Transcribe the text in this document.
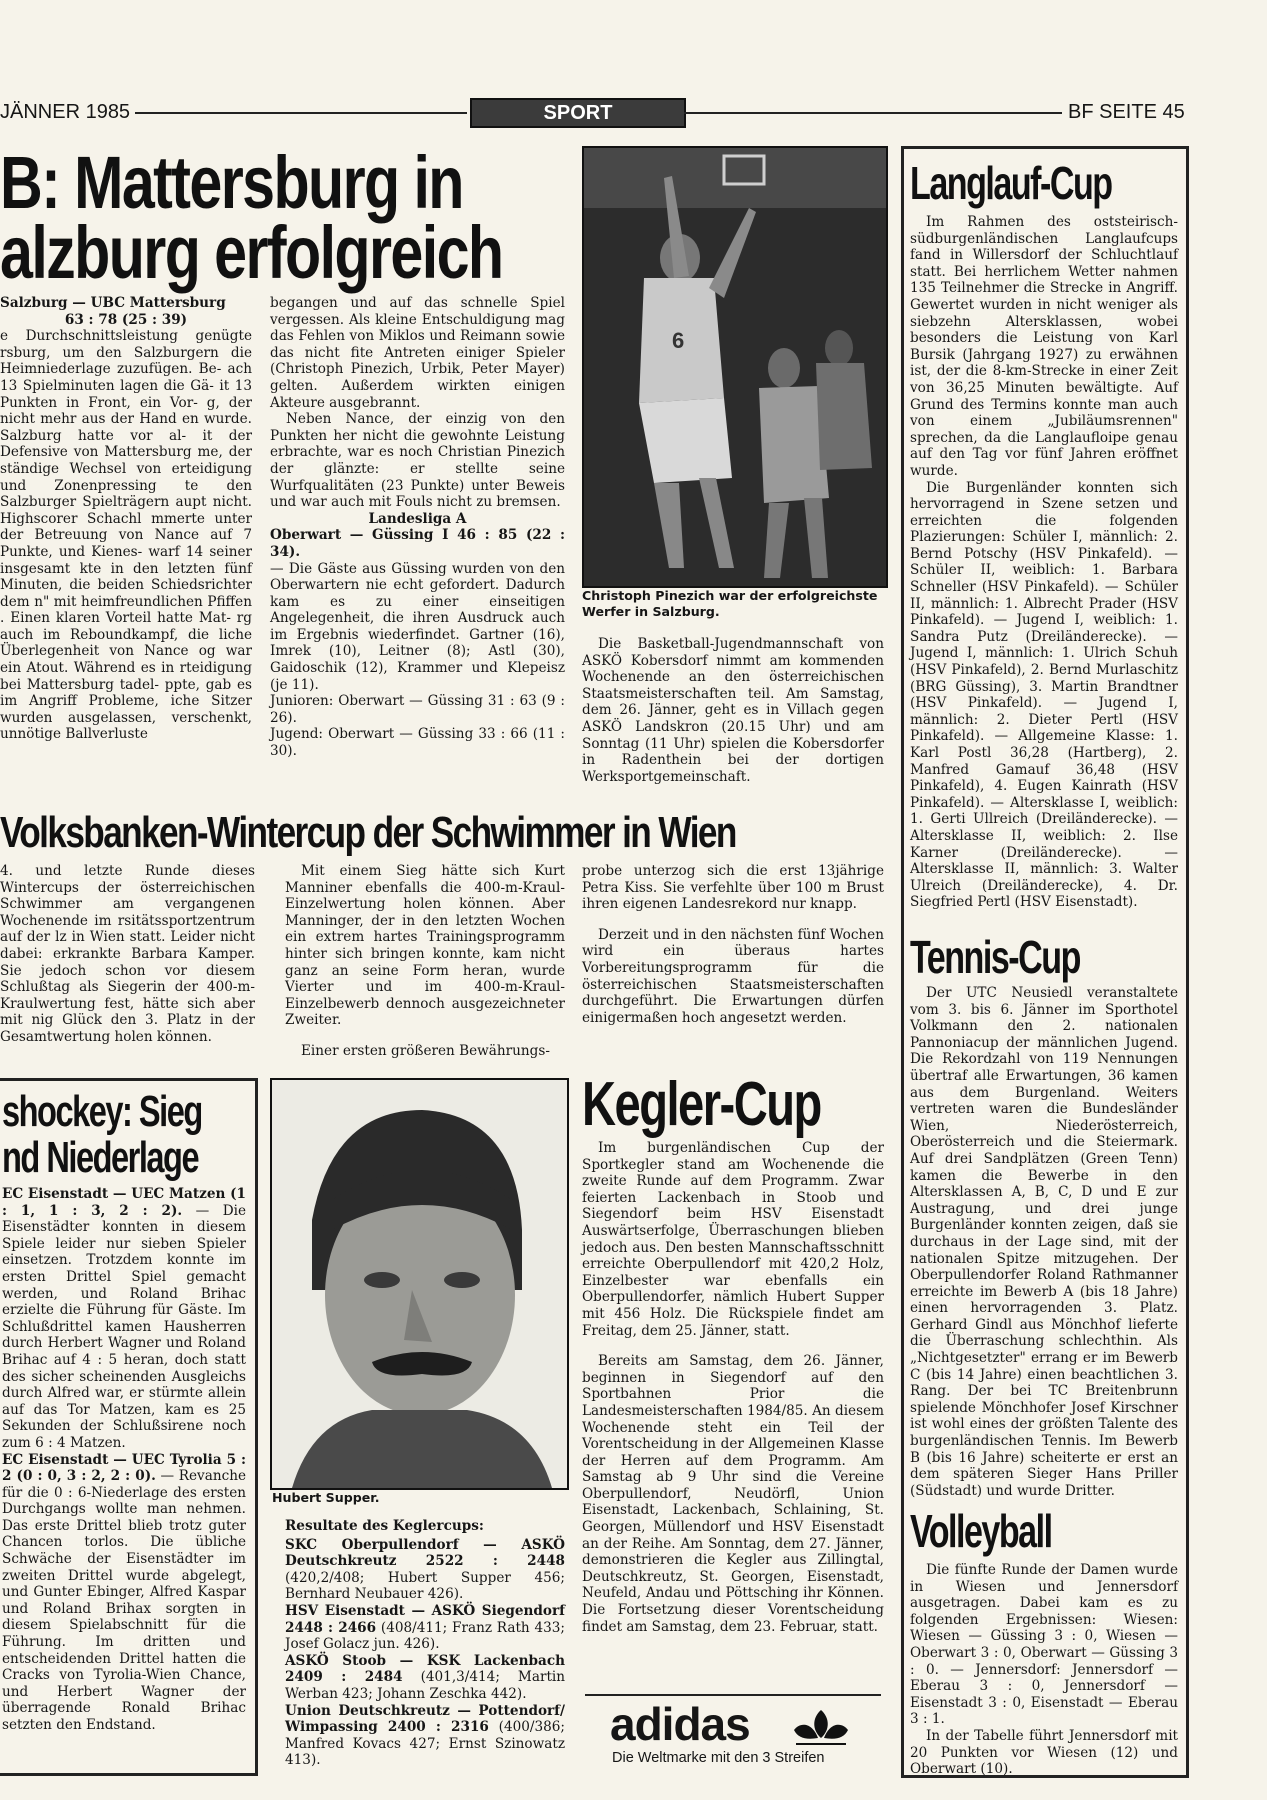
JÄNNER 1985	SPORT	BF SEITE 45
B: Mattersburg in
alzburg erfolgreich

Salzburg — UBC Mattersburg

63 : 78 (25 : 39)

e Durchschnittsleistung genügte rsburg, um den Salzburgern die Heimniederlage zuzufügen. Be- ach 13 Spielminuten lagen die Gä- it 13 Punkten in Front, ein Vor- g, der nicht mehr aus der Hand en wurde. Salzburg hatte vor al- it der Defensive von Mattersburg me, der ständige Wechsel von erteidigung und Zonenpressing te den Salzburger Spielträgern aupt nicht. Highscorer Schachl mmerte unter der Betreuung von Nance auf 7 Punkte, und Kienes- warf 14 seiner insgesamt kte in den letzten fünf Minuten, die beiden Schiedsrichter dem n" mit heimfreundlichen Pfiffen . Einen klaren Vorteil hatte Mat- rg auch im Reboundkampf, die liche Überlegenheit von Nance og war ein Atout. Während es in rteidigung bei Mattersburg tadel- ppte, gab es im Angriff Probleme, iche Sitzer wurden ausgelassen, verschenkt, unnötige Ballverluste

begangen und auf das schnelle Spiel vergessen. Als kleine Entschuldigung mag das Fehlen von Miklos und Reimann sowie das nicht fite Antreten einiger Spieler (Christoph Pinezich, Urbik, Peter Mayer) gelten. Außerdem wirkten einigen Akteure ausgebrannt.

Neben Nance, der einzig von den Punkten her nicht die gewohnte Leistung erbrachte, war es noch Christian Pinezich der glänzte: er stellte seine Wurfqualitäten (23 Punkte) unter Beweis und war auch mit Fouls nicht zu bremsen.

Landesliga A

Oberwart — Güssing I 46 : 85 (22 : 34).

— Die Gäste aus Güssing wurden von den Oberwartern nie echt gefordert. Dadurch kam es zu einer einseitigen Angelegenheit, die ihren Ausdruck auch im Ergebnis wiederfindet. Gartner (16), Imrek (10), Leitner (8); Astl (30), Gaidoschik (12), Krammer und Klepeisz (je 11).

Junioren: Oberwart — Güssing 31 : 63 (9 : 26).

Jugend: Oberwart — Güssing 33 : 66 (11 : 30).

6
Christoph Pinezich war der erfolgreichste Werfer in Salzburg.

Die Basketball-Jugendmannschaft von ASKÖ Kobersdorf nimmt am kommenden Wochenende an den österreichischen Staatsmeisterschaften teil. Am Samstag, dem 26. Jänner, geht es in Villach gegen ASKÖ Landskron (20.15 Uhr) und am Sonntag (11 Uhr) spielen die Kobersdorfer in Radenthein bei der dortigen Werksportgemeinschaft.

Langlauf-Cup

Im Rahmen des oststeirisch-südburgenländischen Langlaufcups fand in Willersdorf der Schluchtlauf statt. Bei herrlichem Wetter nahmen 135 Teilnehmer die Strecke in Angriff. Gewertet wurden in nicht weniger als siebzehn Altersklassen, wobei besonders die Leistung von Karl Bursik (Jahrgang 1927) zu erwähnen ist, der die 8-km-Strecke in einer Zeit von 36,25 Minuten bewältigte. Auf Grund des Termins konnte man auch von einem „Jubiläumsrennen" sprechen, da die Langlaufloipe genau auf den Tag vor fünf Jahren eröffnet wurde.

Die Burgenländer konnten sich hervorragend in Szene setzen und erreichten die folgenden Plazierungen: Schüler I, männlich: 2. Bernd Potschy (HSV Pinkafeld). — Schüler II, weiblich: 1. Barbara Schneller (HSV Pinkafeld). — Schüler II, männlich: 1. Albrecht Prader (HSV Pinkafeld). — Jugend I, weiblich: 1. Sandra Putz (Dreiländerecke). — Jugend I, männlich: 1. Ulrich Schuh (HSV Pinkafeld), 2. Bernd Murlaschitz (BRG Güssing), 3. Martin Brandtner (HSV Pinkafeld). — Jugend I, männlich: 2. Dieter Pertl (HSV Pinkafeld). — Allgemeine Klasse: 1. Karl Postl 36,28 (Hartberg), 2. Manfred Gamauf 36,48 (HSV Pinkafeld), 4. Eugen Kainrath (HSV Pinkafeld). — Altersklasse I, weiblich: 1. Gerti Ullreich (Dreiländerecke). — Altersklasse II, weiblich: 2. Ilse Karner (Dreiländerecke). — Altersklasse II, männlich: 3. Walter Ulreich (Dreiländerecke), 4. Dr. Siegfried Pertl (HSV Eisenstadt).

Tennis-Cup

Der UTC Neusiedl veranstaltete vom 3. bis 6. Jänner im Sporthotel Volkmann den 2. nationalen Pannoniacup der männlichen Jugend. Die Rekordzahl von 119 Nennungen übertraf alle Erwartungen, 36 kamen aus dem Burgenland. Weiters vertreten waren die Bundesländer Wien, Niederösterreich, Oberösterreich und die Steiermark. Auf drei Sandplätzen (Green Tenn) kamen die Bewerbe in den Altersklassen A, B, C, D und E zur Austragung, und drei junge Burgenländer konnten zeigen, daß sie durchaus in der Lage sind, mit der nationalen Spitze mitzugehen. Der Oberpullendorfer Roland Rathmanner erreichte im Bewerb A (bis 18 Jahre) einen hervorragenden 3. Platz. Gerhard Gindl aus Mönchhof lieferte die Überraschung schlechthin. Als „Nichtgesetzter" errang er im Bewerb C (bis 14 Jahre) einen beachtlichen 3. Rang. Der bei TC Breitenbrunn spielende Mönchhofer Josef Kirschner ist wohl eines der größten Talente des burgenländischen Tennis. Im Bewerb B (bis 16 Jahre) scheiterte er erst an dem späteren Sieger Hans Priller (Südstadt) und wurde Dritter.

Volleyball

Die fünfte Runde der Damen wurde in Wiesen und Jennersdorf ausgetragen. Dabei kam es zu folgenden Ergebnissen: Wiesen: Wiesen — Güssing 3 : 0, Wiesen — Oberwart 3 : 0, Oberwart — Güssing 3 : 0. — Jennersdorf: Jennersdorf — Eberau 3 : 0, Jennersdorf — Eisenstadt 3 : 0, Eisenstadt — Eberau 3 : 1.

In der Tabelle führt Jennersdorf mit 20 Punkten vor Wiesen (12) und Oberwart (10).

Volksbanken-Wintercup der Schwimmer in Wien

4. und letzte Runde dieses Wintercups der österreichischen Schwimmer am vergangenen Wochenende im rsitätssportzentrum auf der lz in Wien statt. Leider nicht dabei: erkrankte Barbara Kamper. Sie jedoch schon vor diesem Schlußtag als Siegerin der 400-m-Kraulwertung fest, hätte sich aber mit nig Glück den 3. Platz in der Gesamtwertung holen können.

Mit einem Sieg hätte sich Kurt Manniner ebenfalls die 400-m-Kraul-Einzelwertung holen können. Aber Manninger, der in den letzten Wochen ein extrem hartes Trainingsprogramm hinter sich bringen konnte, kam nicht ganz an seine Form heran, wurde Vierter und im 400-m-Kraul-Einzelbewerb dennoch ausgezeichneter Zweiter.

Einer ersten größeren Bewährungs-

probe unterzog sich die erst 13jährige Petra Kiss. Sie verfehlte über 100 m Brust ihren eigenen Landesrekord nur knapp.

Derzeit und in den nächsten fünf Wochen wird ein überaus hartes Vorbereitungsprogramm für die österreichischen Staatsmeisterschaften durchgeführt. Die Erwartungen dürfen einigermaßen hoch angesetzt werden.

shockey: Sieg
nd Niederlage

EC Eisenstadt — UEC Matzen (1 : 1, 1 : 3, 2 : 2). — Die Eisenstädter konnten in diesem Spiele leider nur sieben Spieler einsetzen. Trotzdem konnte im ersten Drittel Spiel gemacht werden, und Roland Brihac erzielte die Führung für Gäste. Im Schlußdrittel kamen Hausherren durch Herbert Wagner und Roland Brihac auf 4 : 5 heran, doch statt des sicher scheinenden Ausgleichs durch Alfred war, er stürmte allein auf das Tor Matzen, kam es 25 Sekunden der Schlußsirene noch zum 6 : 4 Matzen.

EC Eisenstadt — UEC Tyrolia 5 : 2 (0 : 0, 3 : 2, 2 : 0). — Revanche für die 0 : 6-Niederlage des ersten Durchgangs wollte man nehmen. Das erste Drittel blieb trotz guter Chancen torlos. Die übliche Schwäche der Eisenstädter im zweiten Drittel wurde abgelegt, und Gunter Ebinger, Alfred Kaspar und Roland Brihax sorgten in diesem Spielabschnitt für die Führung. Im dritten und entscheidenden Drittel hatten die Cracks von Tyrolia-Wien Chance, und Herbert Wagner der überragende Ronald Brihac setzten den Endstand.

Hubert Supper.

Resultate des Keglercups:

SKC Oberpullendorf — ASKÖ Deutschkreutz 2522 : 2448 (420,2/408; Hubert Supper 456; Bernhard Neubauer 426).

HSV Eisenstadt — ASKÖ Siegendorf 2448 : 2466 (408/411; Franz Rath 433; Josef Golacz jun. 426).

ASKÖ Stoob — KSK Lackenbach 2409 : 2484 (401,3/414; Martin Werban 423; Johann Zeschka 442).

Union Deutschkreutz — Pottendorf/ Wimpassing 2400 : 2316 (400/386; Manfred Kovacs 427; Ernst Szinowatz 413).

Kegler-Cup

Im burgenländischen Cup der Sportkegler stand am Wochenende die zweite Runde auf dem Programm. Zwar feierten Lackenbach in Stoob und Siegendorf beim HSV Eisenstadt Auswärtserfolge, Überraschungen blieben jedoch aus. Den besten Mannschaftsschnitt erreichte Oberpullendorf mit 420,2 Holz, Einzelbester war ebenfalls ein Oberpullendorfer, nämlich Hubert Supper mit 456 Holz. Die Rückspiele findet am Freitag, dem 25. Jänner, statt.

Bereits am Samstag, dem 26. Jänner, beginnen in Siegendorf auf den Sportbahnen Prior die Landesmeisterschaften 1984/85. An diesem Wochenende steht ein Teil der Vorentscheidung in der Allgemeinen Klasse der Herren auf dem Programm. Am Samstag ab 9 Uhr sind die Vereine Oberpullendorf, Neudörfl, Union Eisenstadt, Lackenbach, Schlaining, St. Georgen, Müllendorf und HSV Eisenstadt an der Reihe. Am Sonntag, dem 27. Jänner, demonstrieren die Kegler aus Zillingtal, Deutschkreutz, St. Georgen, Eisenstadt, Neufeld, Andau und Pöttsching ihr Können. Die Fortsetzung dieser Vorentscheidung findet am Samstag, dem 23. Februar, statt.

adidas
Die Weltmarke mit den 3 Streifen
